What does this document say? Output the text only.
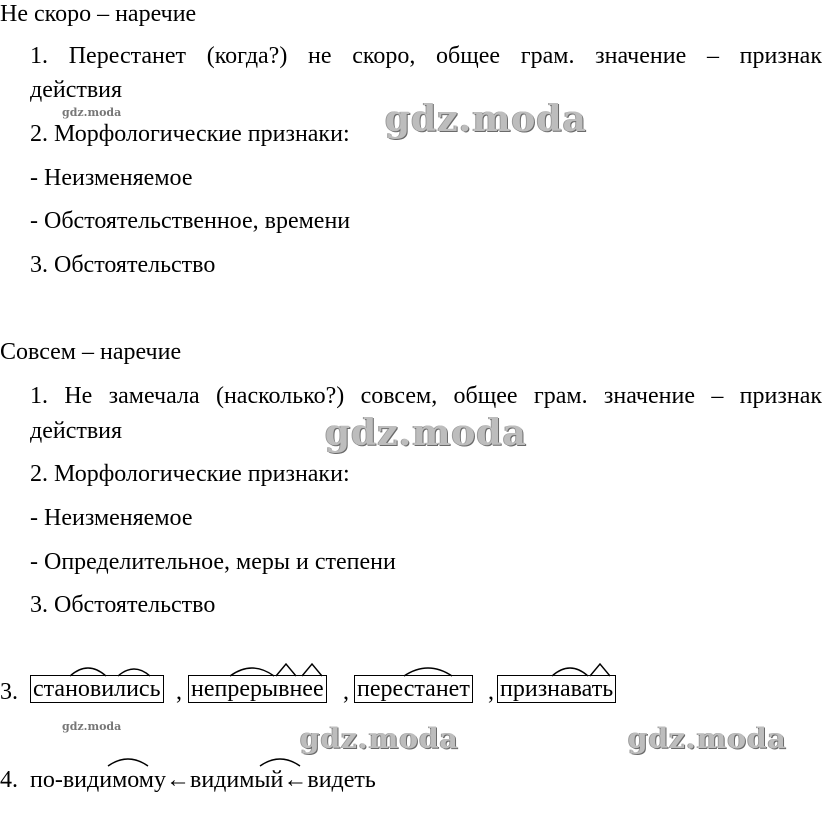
Не скоро – наречие
1. Перестанет (когда?) не скоро, общее грам. значение – признак
действия
2. Морфологические признаки:
- Неизменяемое
- Обстоятельственное, времени
3. Обстоятельство
Совсем – наречие
1. Не замечала (насколько?) совсем, общее грам. значение – признак
действия
2. Морфологические признаки:
- Неизменяемое
- Определительное, меры и степени
3. Обстоятельство
3. становились , непрерывнее , перестанет , признавать
4. по-видимому←видимый←видеть
gdz.moda
gdz.moda
gdz.moda	gdz.moda
gdz.moda
gdz.moda
